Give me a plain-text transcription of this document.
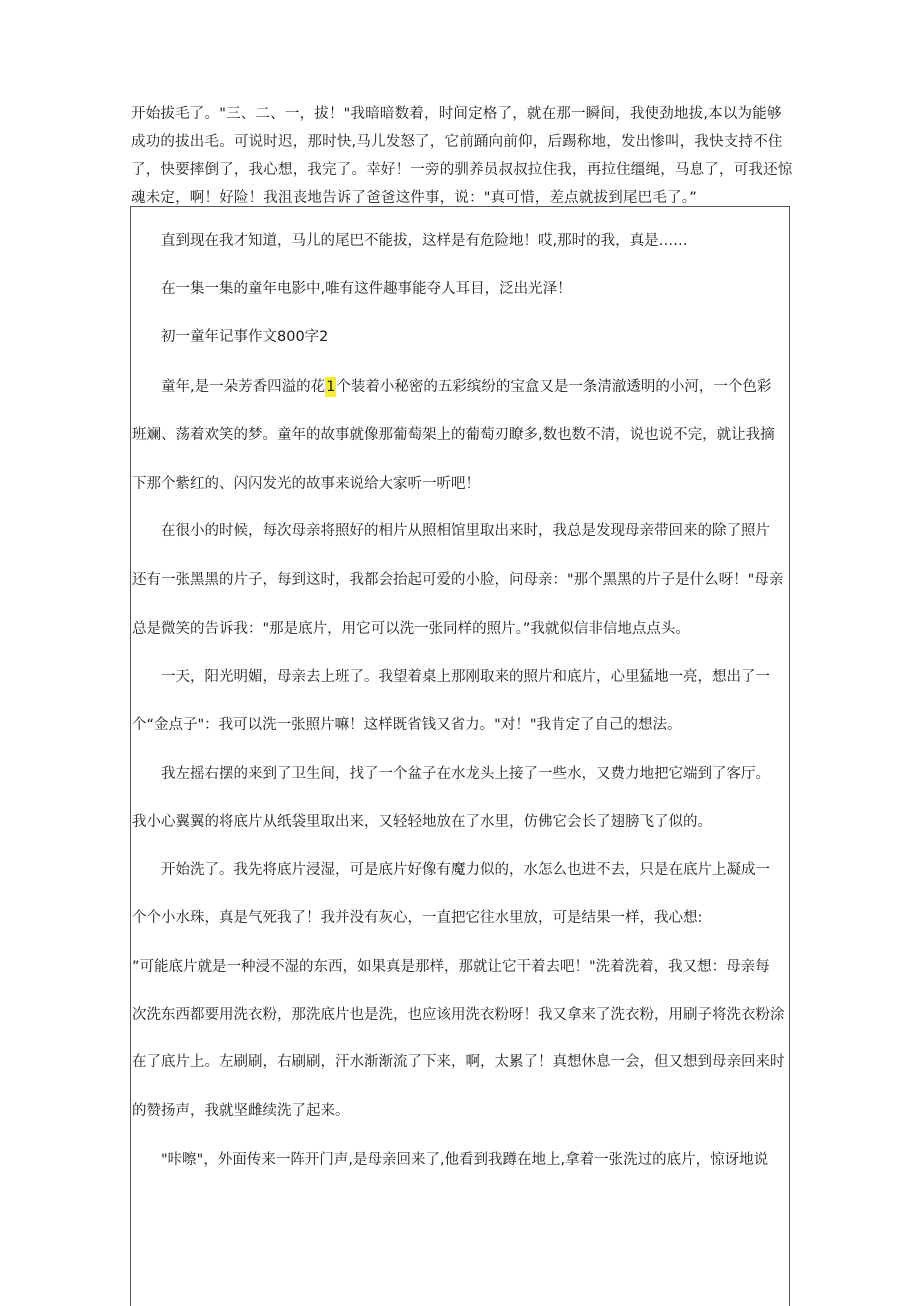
开始拔毛了。"三、二、一，拔！"我暗暗数着，时间定格了，就在那一瞬间，我使劲地拔,本以为能够成功的拔出毛。可说时迟，那时快,马儿发怒了，它前踊向前仰，后踢称地，发出惨叫，我快支持不住了，快要摔倒了，我心想，我完了。幸好！一旁的驯养员叔叔拉住我，再拉住缰绳，马息了，可我还惊魂未定，啊！好险！我沮丧地告诉了爸爸这件事，说："真可惜，差点就拔到尾巴毛了。”

　　直到现在我才知道，马儿的尾巴不能拔，这样是有危险地！哎,那时的我，真是……

　　在一集一集的童年电影中,唯有这件趣事能夺人耳目，泛出光泽！

　　初一童年记事作文800字2

　　童年,是一朵芳香四溢的花1个装着小秘密的五彩缤纷的宝盒又是一条清澈透明的小河，一个色彩

班斓、荡着欢笑的梦。童年的故事就像那葡萄架上的葡萄刃瞭多,数也数不清，说也说不完，就让我摘

下那个紫红的、闪闪发光的故事来说给大家听一听吧！

　　在很小的时候，每次母亲将照好的相片从照相馆里取出来时，我总是发现母亲带回来的除了照片

还有一张黑黑的片子，每到这时，我都会抬起可爱的小脸，问母亲："那个黑黑的片子是什么呀！"母亲

总是微笑的告诉我："那是底片，用它可以洗一张同样的照片。”我就似信非信地点点头。

　　一天，阳光明媚，母亲去上班了。我望着桌上那刚取来的照片和底片，心里猛地一亮，想出了一

个“金点子"：我可以洗一张照片嘛！这样既省钱又省力。"对！"我肯定了自己的想法。

　　我左摇右摆的来到了卫生间，找了一个盆子在水龙头上接了一些水，又费力地把它端到了客厅。

我小心翼翼的将底片从纸袋里取出来，又轻轻地放在了水里，仿佛它会长了翅膀飞了似的。

　　开始洗了。我先将底片浸湿，可是底片好像有魔力似的，水怎么也进不去，只是在底片上凝成一

个个小水珠，真是气死我了！我并没有灰心，一直把它往水里放，可是结果一样，我心想:

”可能底片就是一种浸不湿的东西，如果真是那样，那就让它干着去吧！"洗着洗着，我又想：母亲每

次洗东西都要用洗衣粉，那洗底片也是洗，也应该用洗衣粉呀！我又拿来了洗衣粉，用刷子将洗衣粉涂

在了底片上。左刷刷，右刷刷，汗水渐渐流了下来，啊，太累了！真想休息一会，但又想到母亲回来时

的赞扬声，我就坚雌续洗了起来。

　　"咔嚓"，外面传来一阵开门声,是母亲回来了,他看到我蹲在地上,拿着一张洗过的底片，惊讶地说
